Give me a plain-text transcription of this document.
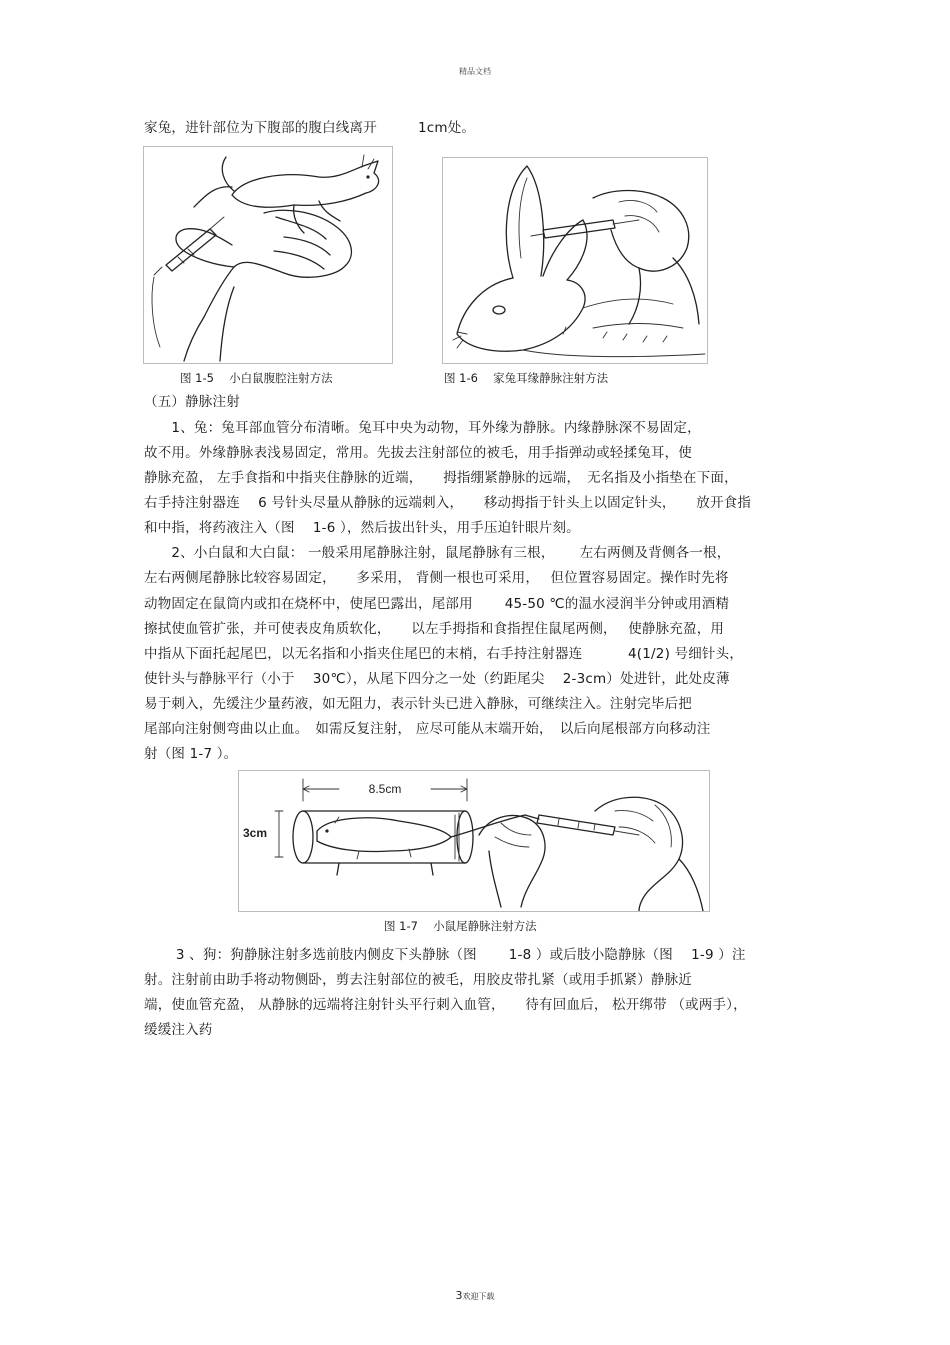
精品文档
家兔，进针部位为下腹部的腹白线离开　　　1cm处。
图 1-5　 小白鼠腹腔注射方法	图 1-6　 家兔耳缘静脉注射方法
（五）静脉注射
　　1、兔：兔耳部血管分布清晰。兔耳中央为动物，耳外缘为静脉。内缘静脉深不易固定，
故不用。外缘静脉表浅易固定，常用。先拔去注射部位的被毛，用手指弹动或轻揉兔耳，使
静脉充盈， 左手食指和中指夹住静脉的近端，　　拇指绷紧静脉的远端，　无名指及小指垫在下面，
右手持注射器连　 6 号针头尽量从静脉的远端刺入，　　移动拇指于针头上以固定针头，　　放开食指
和中指，将药液注入（图　 1-6 ），然后拔出针头，用手压迫针眼片刻。
　　2、小白鼠和大白鼠： 一般采用尾静脉注射，鼠尾静脉有三根，　　 左右两侧及背侧各一根，
左右两侧尾静脉比较容易固定，　　多采用， 背侧一根也可采用，　 但位置容易固定。操作时先将
动物固定在鼠筒内或扣在烧杯中，使尾巴露出，尾部用　　 45-50 ℃的温水浸润半分钟或用酒精
擦拭使血管扩张，并可使表皮角质软化，　　以左手拇指和食指捏住鼠尾两侧，　 使静脉充盈，用
中指从下面托起尾巴，以无名指和小指夹住尾巴的末梢，右手持注射器连　　　 4(1/2) 号细针头，
使针头与静脉平行（小于　 30℃），从尾下四分之一处（约距尾尖　 2-3cm）处进针，此处皮薄
易于刺入，先缓注少量药液，如无阻力，表示针头已进入静脉，可继续注入。注射完毕后把
尾部向注射侧弯曲以止血。　如需反复注射， 应尽可能从末端开始，　以后向尾根部方向移动注
射（图 1-7 ）。
8.5cm
3cm
图 1-7　 小鼠尾静脉注射方法
　　 3 、狗：狗静脉注射多选前肢内侧皮下头静脉（图　　 1-8 ）或后肢小隐静脉（图　 1-9 ）注
射。注射前由助手将动物侧卧，剪去注射部位的被毛，用胶皮带扎紧（或用手抓紧）静脉近
端，使血管充盈， 从静脉的远端将注射针头平行刺入血管，　　待有回血后， 松开绑带 （或两手），
缓缓注入药
3欢迎下载
